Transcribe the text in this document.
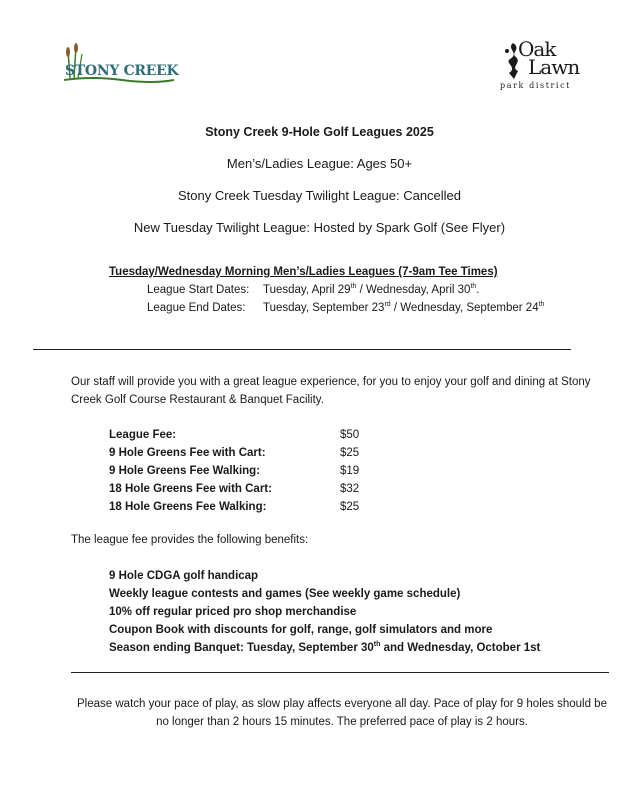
STONY CREEK
Oak
Lawn
park district
Stony Creek 9-Hole Golf Leagues 2025
Men’s/Ladies League: Ages 50+
Stony Creek Tuesday Twilight League: Cancelled
New Tuesday Twilight League: Hosted by Spark Golf (See Flyer)
Tuesday/Wednesday Morning Men’s/Ladies Leagues (7-9am Tee Times)
League Start Dates: Tuesday, April 29th / Wednesday, April 30th.
League End Dates: Tuesday, September 23rd / Wednesday, September 24th
Our staff will provide you with a great league experience, for you to enjoy your golf and dining at Stony Creek Golf Course Restaurant & Banquet Facility.
League Fee:	$50
9 Hole Greens Fee with Cart:	$25
9 Hole Greens Fee Walking:	$19
18 Hole Greens Fee with Cart:	$32
18 Hole Greens Fee Walking:	$25
The league fee provides the following benefits:
9 Hole CDGA golf handicap
Weekly league contests and games (See weekly game schedule)
10% off regular priced pro shop merchandise
Coupon Book with discounts for golf, range, golf simulators and more
Season ending Banquet: Tuesday, September 30th and Wednesday, October 1st
Please watch your pace of play, as slow play affects everyone all day. Pace of play for 9 holes should be no longer than 2 hours 15 minutes. The preferred pace of play is 2 hours.
